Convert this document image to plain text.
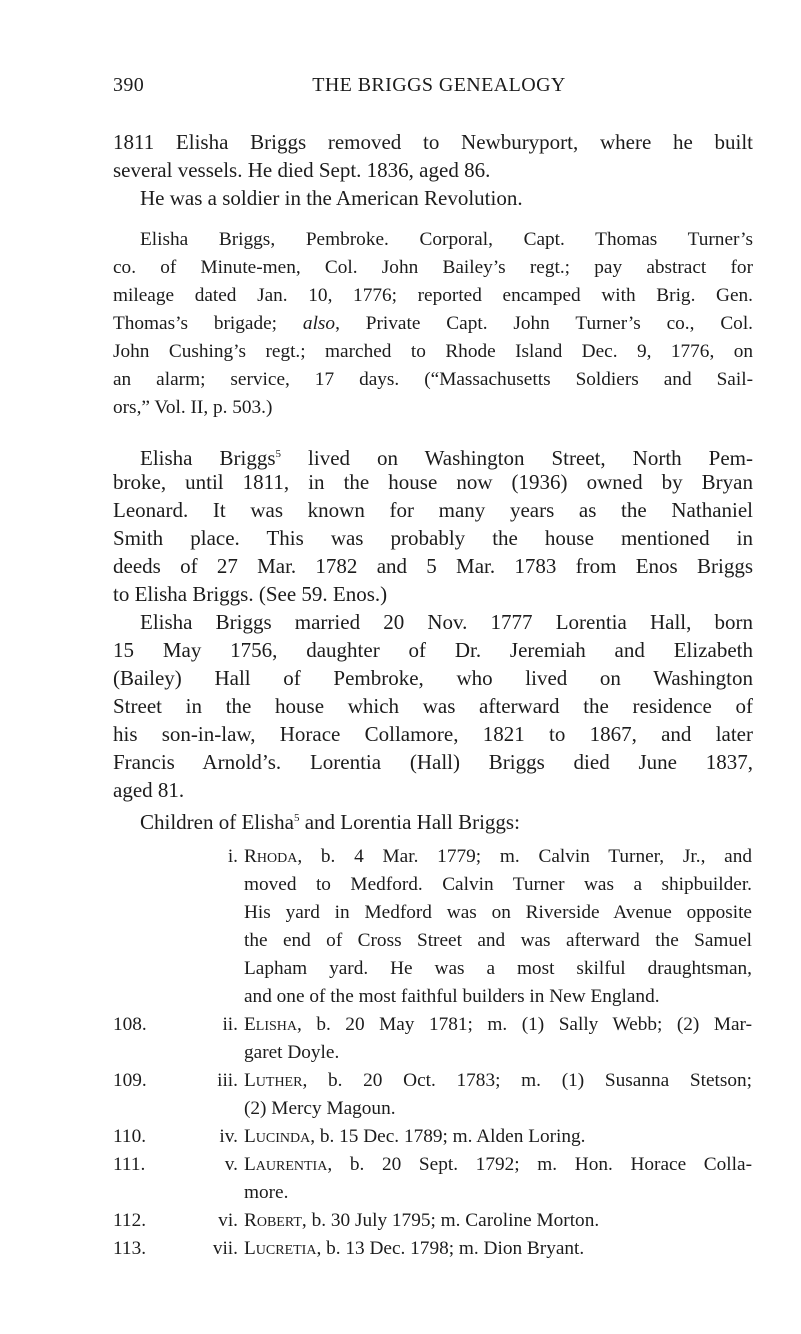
390	THE BRIGGS GENEALOGY
1811 Elisha Briggs removed to Newburyport, where he built
several vessels. He died Sept. 1836, aged 86.
He was a soldier in the American Revolution.
Elisha Briggs, Pembroke. Corporal, Capt. Thomas Turner’s
co. of Minute-men, Col. John Bailey’s regt.; pay abstract for
mileage dated Jan. 10, 1776; reported encamped with Brig. Gen.
Thomas’s brigade; also, Private Capt. John Turner’s co., Col.
John Cushing’s regt.; marched to Rhode Island Dec. 9, 1776, on
an alarm; service, 17 days. (“Massachusetts Soldiers and Sail-
ors,” Vol. II, p. 503.)
Elisha Briggs$^5$ lived on Washington Street, North Pem-
broke, until 1811, in the house now (1936) owned by Bryan
Leonard. It was known for many years as the Nathaniel
Smith place. This was probably the house mentioned in
deeds of 27 Mar. 1782 and 5 Mar. 1783 from Enos Briggs
to Elisha Briggs. (See 59. Enos.)
Elisha Briggs married 20 Nov. 1777 Lorentia Hall, born
15 May 1756, daughter of Dr. Jeremiah and Elizabeth
(Bailey) Hall of Pembroke, who lived on Washington
Street in the house which was afterward the residence of
his son-in-law, Horace Collamore, 1821 to 1867, and later
Francis Arnold’s. Lorentia (Hall) Briggs died June 1837,
aged 81.
Children of Elisha$^5$ and Lorentia Hall Briggs:
i. Rhoda, b. 4 Mar. 1779; m. Calvin Turner, Jr., and
moved to Medford. Calvin Turner was a shipbuilder.
His yard in Medford was on Riverside Avenue opposite
the end of Cross Street and was afterward the Samuel
Lapham yard. He was a most skilful draughtsman,
and one of the most faithful builders in New England.
108.	ii. Elisha, b. 20 May 1781; m. (1) Sally Webb; (2) Mar-
garet Doyle.
109.	iii. Luther, b. 20 Oct. 1783; m. (1) Susanna Stetson;
(2) Mercy Magoun.
110.	iv. Lucinda, b. 15 Dec. 1789; m. Alden Loring.
111.	v. Laurentia, b. 20 Sept. 1792; m. Hon. Horace Colla-
more.
112.	vi. Robert, b. 30 July 1795; m. Caroline Morton.
113.	vii. Lucretia, b. 13 Dec. 1798; m. Dion Bryant.
